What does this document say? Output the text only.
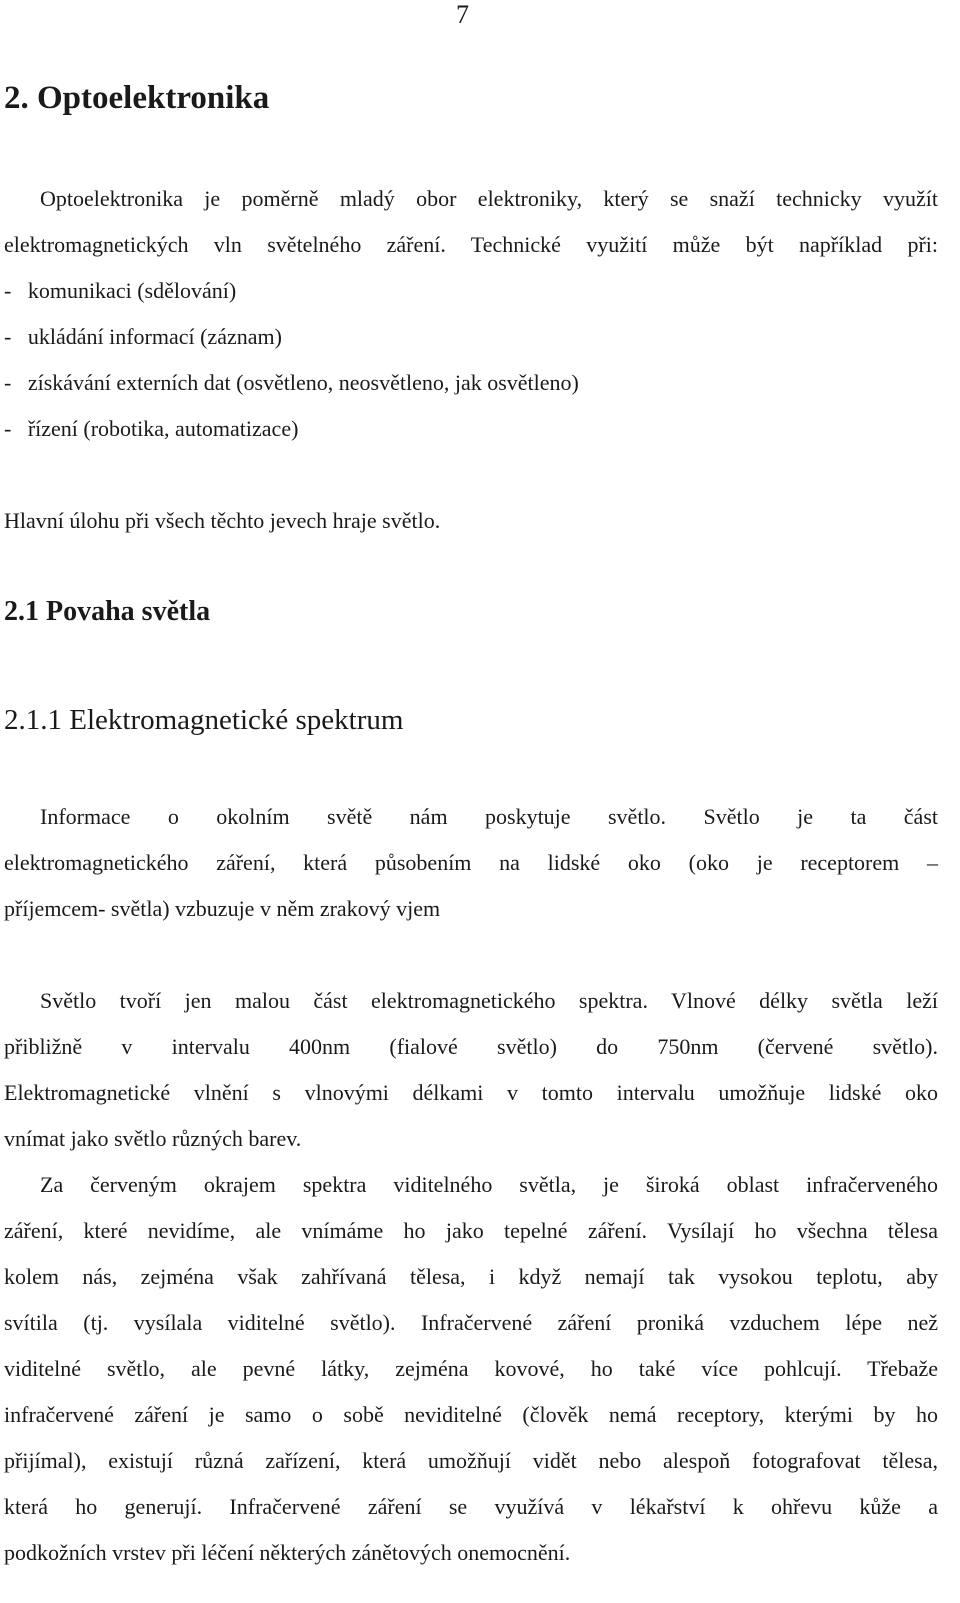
7
2. Optoelektronika
Optoelektronika je poměrně mladý obor elektroniky, který se snaží technicky využít
elektromagnetických vln světelného záření. Technické využití může být například při:
-   komunikaci (sdělování)
-   ukládání informací (záznam)
-   získávání externích dat (osvětleno, neosvětleno, jak osvětleno)
-   řízení (robotika, automatizace)
Hlavní úlohu při všech těchto jevech hraje světlo.
2.1 Povaha světla
2.1.1 Elektromagnetické spektrum
Informace o okolním světě nám poskytuje světlo. Světlo je ta část
elektromagnetického záření, která působením na lidské oko (oko je receptorem –
příjemcem- světla) vzbuzuje v něm zrakový vjem
Světlo tvoří jen malou část elektromagnetického spektra. Vlnové délky světla leží
přibližně v intervalu 400nm (fialové světlo) do 750nm (červené světlo).
Elektromagnetické vlnění s vlnovými délkami v tomto intervalu umožňuje lidské oko
vnímat jako světlo různých barev.
Za červeným okrajem spektra viditelného světla, je široká oblast infračerveného
záření, které nevidíme, ale vnímáme ho jako tepelné záření. Vysílají ho všechna tělesa
kolem nás, zejména však zahřívaná tělesa, i když nemají tak vysokou teplotu, aby
svítila (tj. vysílala viditelné světlo). Infračervené záření proniká vzduchem lépe než
viditelné světlo, ale pevné látky, zejména kovové, ho také více pohlcují. Třebaže
infračervené záření je samo o sobě neviditelné (člověk nemá receptory, kterými by ho
přijímal), existují různá zařízení, která umožňují vidět nebo alespoň fotografovat tělesa,
která ho generují. Infračervené záření se využívá v lékařství k ohřevu kůže a
podkožních vrstev při léčení některých zánětových onemocnění.
